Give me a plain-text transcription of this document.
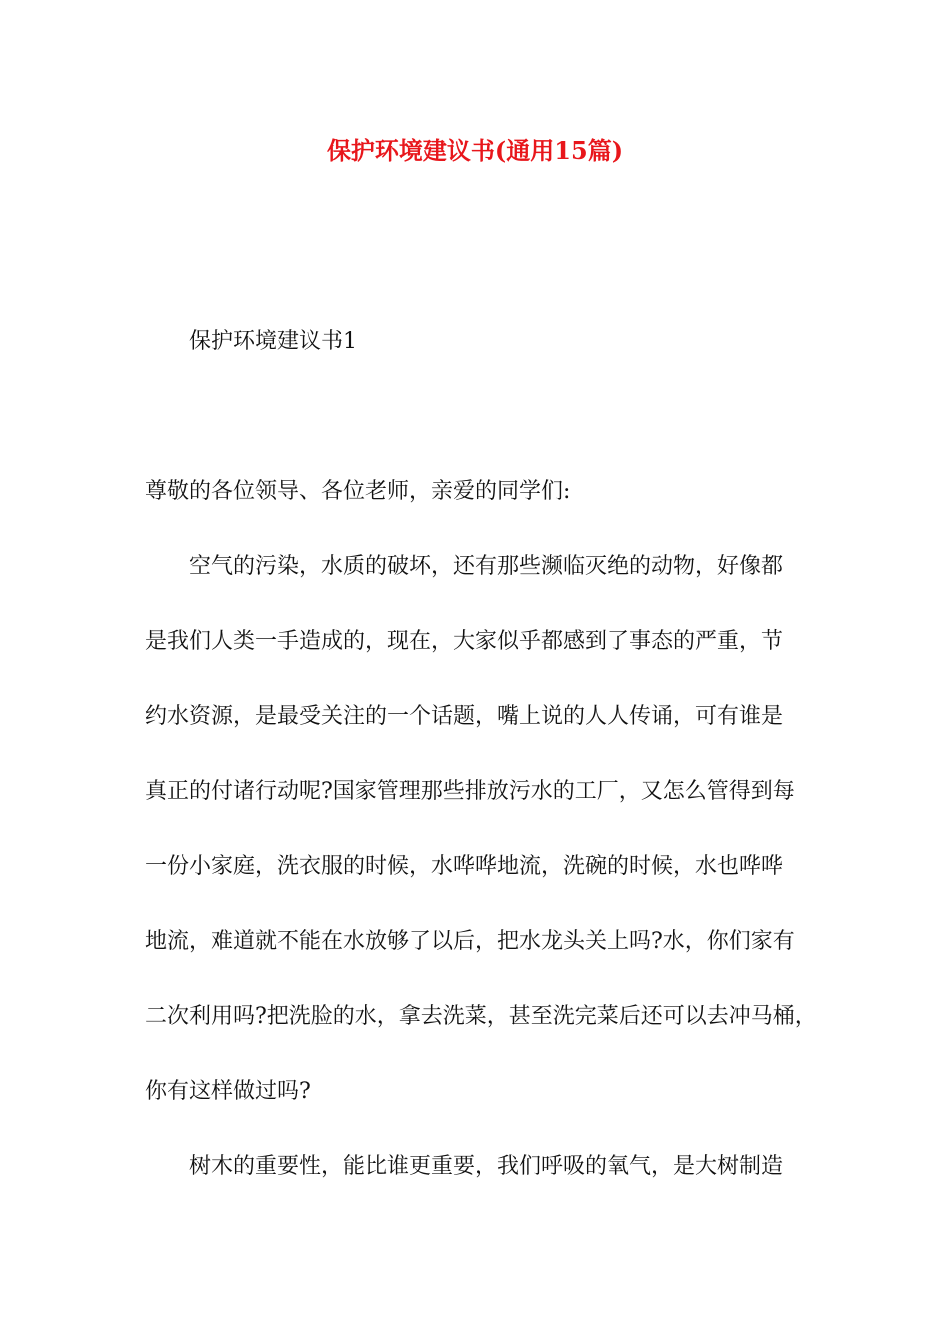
保护环境建议书(通用15篇)
保护环境建议书1

尊敬的各位领导、各位老师，亲爱的同学们:

空气的污染，水质的破坏，还有那些濒临灭绝的动物，好像都

是我们人类一手造成的，现在，大家似乎都感到了事态的严重，节

约水资源，是最受关注的一个话题，嘴上说的人人传诵，可有谁是

真正的付诸行动呢?国家管理那些排放污水的工厂，又怎么管得到每

一份小家庭，洗衣服的时候，水哗哗地流，洗碗的时候，水也哗哗

地流，难道就不能在水放够了以后，把水龙头关上吗?水，你们家有

二次利用吗?把洗脸的水，拿去洗菜，甚至洗完菜后还可以去冲马桶，

你有这样做过吗?

树木的重要性，能比谁更重要，我们呼吸的氧气，是大树制造
